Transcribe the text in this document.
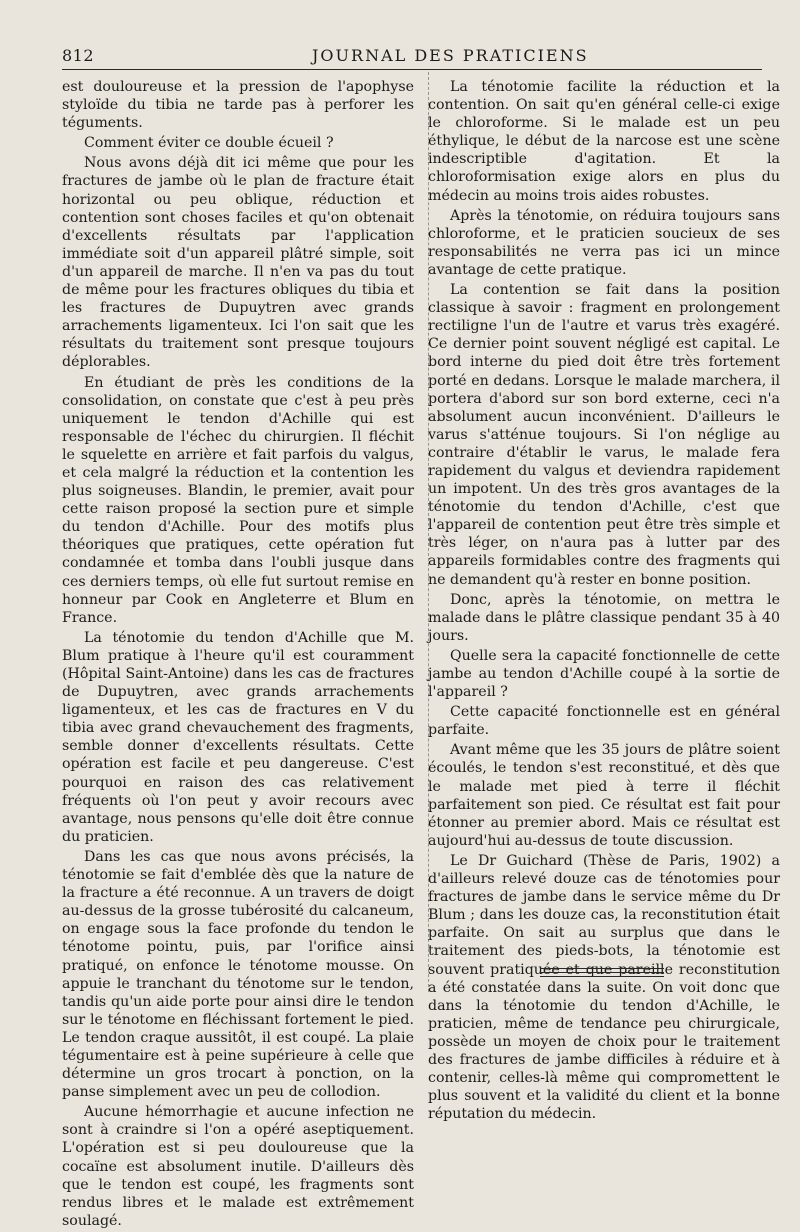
812	JOURNAL DES PRATICIENS

est douloureuse et la pression de l'apophyse styloïde du tibia ne tarde pas à perforer les téguments.

Comment éviter ce double écueil ?

Nous avons déjà dit ici même que pour les fractures de jambe où le plan de fracture était horizontal ou peu oblique, réduction et contention sont choses faciles et qu'on obtenait d'excellents résultats par l'application immédiate soit d'un appareil plâtré simple, soit d'un appareil de marche. Il n'en va pas du tout de même pour les fractures obliques du tibia et les fractures de Dupuytren avec grands arrachements ligamenteux. Ici l'on sait que les résultats du traitement sont presque toujours déplorables.

En étudiant de près les conditions de la consolidation, on constate que c'est à peu près uniquement le tendon d'Achille qui est responsable de l'échec du chirurgien. Il fléchit le squelette en arrière et fait parfois du valgus, et cela malgré la réduction et la contention les plus soigneuses. Blandin, le premier, avait pour cette raison proposé la section pure et simple du tendon d'Achille. Pour des motifs plus théoriques que pratiques, cette opération fut condamnée et tomba dans l'oubli jusque dans ces derniers temps, où elle fut surtout remise en honneur par Cook en Angleterre et Blum en France.

La ténotomie du tendon d'Achille que M. Blum pratique à l'heure qu'il est couramment (Hôpital Saint-Antoine) dans les cas de fractures de Dupuytren, avec grands arrachements ligamenteux, et les cas de fractures en V du tibia avec grand chevauchement des fragments, semble donner d'excellents résultats. Cette opération est facile et peu dangereuse. C'est pourquoi en raison des cas relativement fréquents où l'on peut y avoir recours avec avantage, nous pensons qu'elle doit être connue du praticien.

Dans les cas que nous avons précisés, la ténotomie se fait d'emblée dès que la nature de la fracture a été reconnue. A un travers de doigt au-dessus de la grosse tubérosité du calcaneum, on engage sous la face profonde du tendon le ténotome pointu, puis, par l'orifice ainsi pratiqué, on enfonce le ténotome mousse. On appuie le tranchant du ténotome sur le tendon, tandis qu'un aide porte pour ainsi dire le tendon sur le ténotome en fléchissant fortement le pied. Le tendon craque aussitôt, il est coupé. La plaie tégumentaire est à peine supérieure à celle que détermine un gros trocart à ponction, on la panse simplement avec un peu de collodion.

Aucune hémorrhagie et aucune infection ne sont à craindre si l'on a opéré aseptiquement. L'opération est si peu douloureuse que la cocaïne est absolument inutile. D'ailleurs dès que le tendon est coupé, les fragments sont rendus libres et le malade est extrêmement soulagé.

La ténotomie facilite la réduction et la contention. On sait qu'en général celle-ci exige le chloroforme. Si le malade est un peu éthylique, le début de la narcose est une scène indescriptible d'agitation. Et la chloroformisation exige alors en plus du médecin au moins trois aides robustes.

Après la ténotomie, on réduira toujours sans chloroforme, et le praticien soucieux de ses responsabilités ne verra pas ici un mince avantage de cette pratique.

La contention se fait dans la position classique à savoir : fragment en prolongement rectiligne l'un de l'autre et varus très exagéré. Ce dernier point souvent négligé est capital. Le bord interne du pied doit être très fortement porté en dedans. Lorsque le malade marchera, il portera d'abord sur son bord externe, ceci n'a absolument aucun inconvénient. D'ailleurs le varus s'atténue toujours. Si l'on néglige au contraire d'établir le varus, le malade fera rapidement du valgus et deviendra rapidement un impotent. Un des très gros avantages de la ténotomie du tendon d'Achille, c'est que l'appareil de contention peut être très simple et très léger, on n'aura pas à lutter par des appareils formidables contre des fragments qui ne demandent qu'à rester en bonne position.

Donc, après la ténotomie, on mettra le malade dans le plâtre classique pendant 35 à 40 jours.

Quelle sera la capacité fonctionnelle de cette jambe au tendon d'Achille coupé à la sortie de l'appareil ?

Cette capacité fonctionnelle est en général parfaite.

Avant même que les 35 jours de plâtre soient écoulés, le tendon s'est reconstitué, et dès que le malade met pied à terre il fléchit parfaitement son pied. Ce résultat est fait pour étonner au premier abord. Mais ce résultat est aujourd'hui au-dessus de toute discussion.

Le Dr Guichard (Thèse de Paris, 1902) a d'ailleurs relevé douze cas de ténotomies pour fractures de jambe dans le service même du Dr Blum ; dans les douze cas, la reconstitution était parfaite. On sait au surplus que dans le traitement des pieds-bots, la ténotomie est souvent pratiquée et que pareille reconstitution a été constatée dans la suite. On voit donc que dans la ténotomie du tendon d'Achille, le praticien, même de tendance peu chirurgicale, possède un moyen de choix pour le traitement des fractures de jambe difficiles à réduire et à contenir, celles-là même qui compromettent le plus souvent et la validité du client et la bonne réputation du médecin.
